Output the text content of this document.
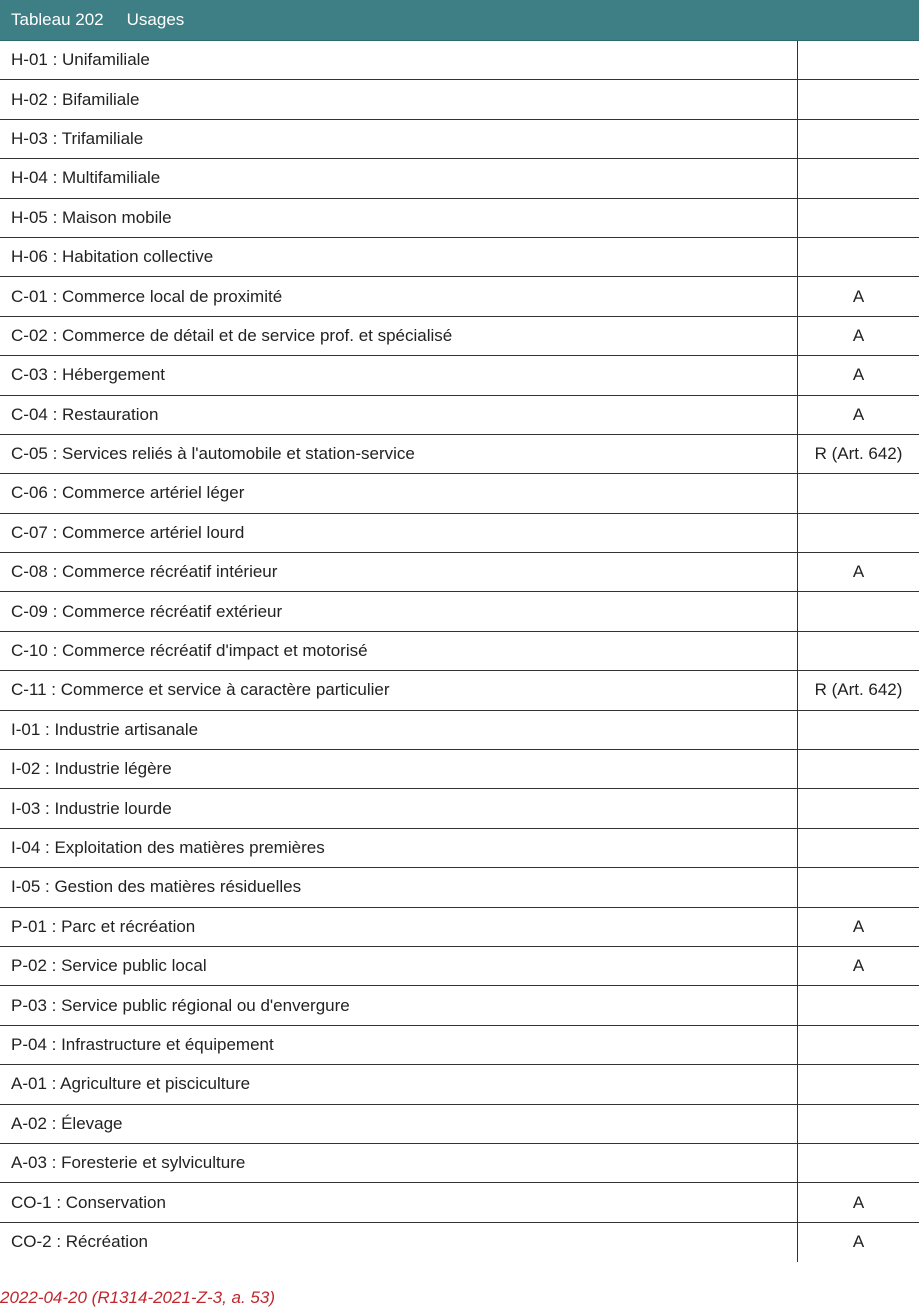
Tableau 202 Usages
H-01 : Unifamiliale
H-02 : Bifamiliale
H-03 : Trifamiliale
H-04 : Multifamiliale
H-05 : Maison mobile
H-06 : Habitation collective
C-01 : Commerce local de proximité	A
C-02 : Commerce de détail et de service prof. et spécialisé	A
C-03 : Hébergement	A
C-04 : Restauration	A
C-05 : Services reliés à l'automobile et station-service	R (Art. 642)
C-06 : Commerce artériel léger
C-07 : Commerce artériel lourd
C-08 : Commerce récréatif intérieur	A
C-09 : Commerce récréatif extérieur
C-10 : Commerce récréatif d'impact et motorisé
C-11 : Commerce et service à caractère particulier	R (Art. 642)
I-01 : Industrie artisanale
I-02 : Industrie légère
I-03 : Industrie lourde
I-04 : Exploitation des matières premières
I-05 : Gestion des matières résiduelles
P-01 : Parc et récréation	A
P-02 : Service public local	A
P-03 : Service public régional ou d'envergure
P-04 : Infrastructure et équipement
A-01 : Agriculture et pisciculture
A-02 : Élevage
A-03 : Foresterie et sylviculture
CO-1 : Conservation	A
CO-2 : Récréation	A
2022-04-20 (R1314-2021-Z-3, a. 53)
